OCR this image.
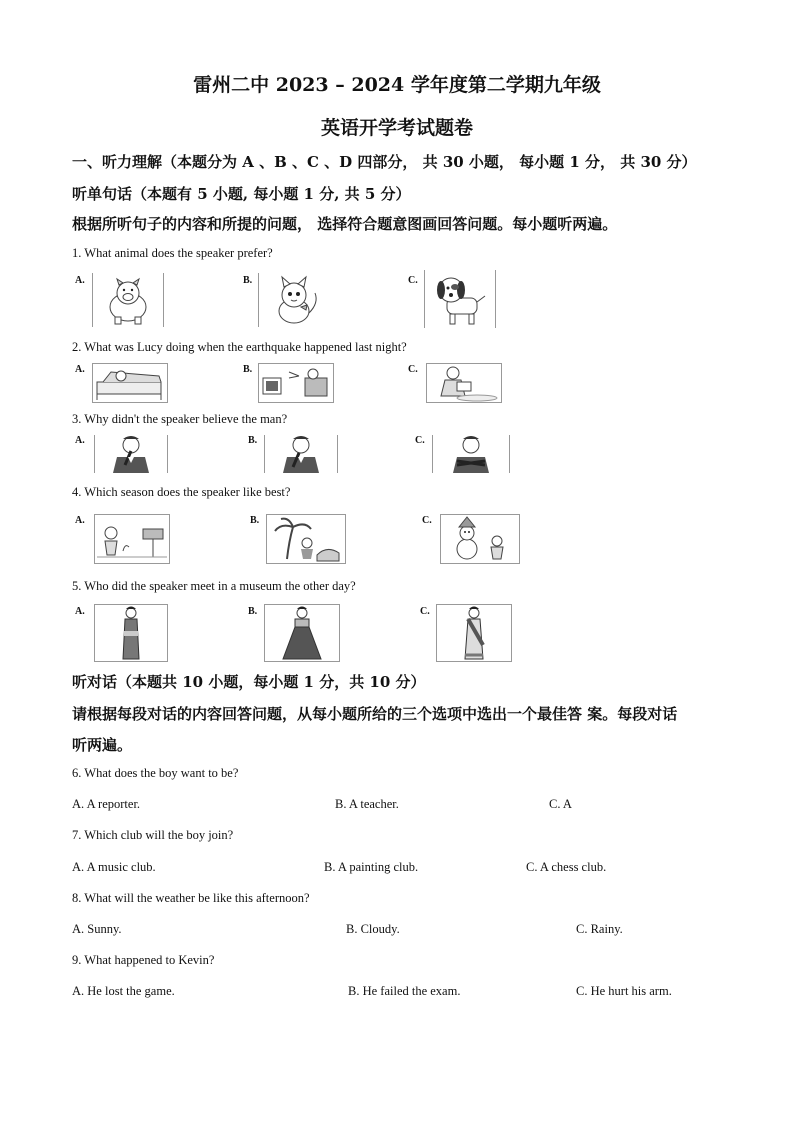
雷州二中 2023 – 2024 学年度第二学期九年级
英语开学考试题卷
一、听力理解（本题分为 A 、B 、C 、D 四部分， 共 30 小题， 每小题 1 分， 共 30 分）
听单句话（本题有 5 小题, 每小题 1 分, 共 5 分）
根据所听句子的内容和所提的问题， 选择符合题意图画回答问题。每小题听两遍。
1. What animal does the speaker prefer?
A.	B.	C.
2. What was Lucy doing when the earthquake happened last night?
A.	B.	C.
3. Why didn't the speaker believe the man?
A.	B.	C.
4. Which season does the speaker like best?
A.	B.	C.
5. Who did the speaker meet in a museum the other day?
A.	B.	C.
听对话（本题共 10 小题，每小题 1 分，共 10 分）
请根据每段对话的内容回答问题，从每小题所给的三个选项中选出一个最佳答 案。每段对话
听两遍。
6. What does the boy want to be?
A. A reporter.	B. A teacher.	C. A
7. Which club will the boy join?
A. A music club.	B. A painting club.	C. A chess club.
8. What will the weather be like this afternoon?
A. Sunny.	B. Cloudy.	C. Rainy.
9. What happened to Kevin?
A. He lost the game.	B. He failed the exam.	C. He hurt his arm.
